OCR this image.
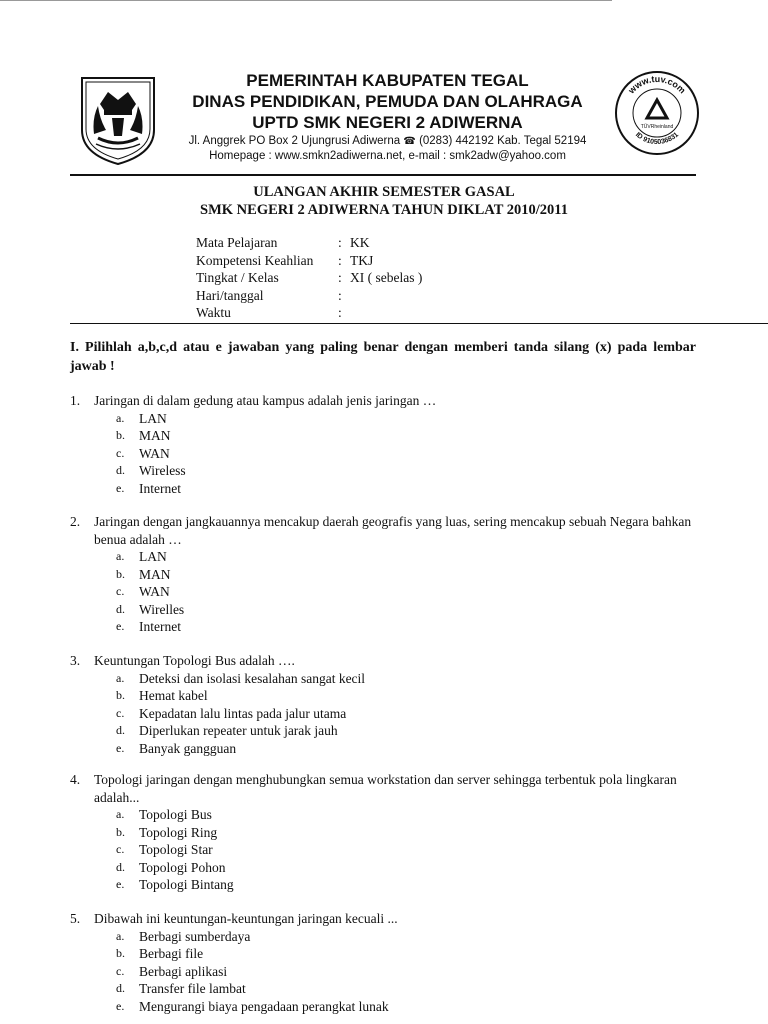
PEMERINTAH KABUPATEN TEGAL
DINAS PENDIDIKAN, PEMUDA DAN OLAHRAGA
UPTD SMK NEGERI 2 ADIWERNA
Jl. Anggrek PO Box 2 Ujungrusi Adiwerna ☎ (0283) 442192 Kab. Tegal 52194
Homepage : www.smkn2adiwerna.net, e-mail : smk2adw@yahoo.com
www.tuv.com
ID 9105036831
TÜVRheinland
ULANGAN AKHIR SEMESTER GASAL
SMK NEGERI 2 ADIWERNA TAHUN DIKLAT 2010/2011
Mata Pelajaran	: KK
Kompetensi Keahlian	: TKJ
Tingkat / Kelas	: XI ( sebelas )
Hari/tanggal	:
Waktu	:
I. Pilihlah a,b,c,d atau e jawaban yang paling benar dengan memberi tanda silang (x) pada lembar jawab !
1.	Jaringan di dalam gedung atau kampus adalah jenis jaringan …
a.	LAN
b.	MAN
c.	WAN
d.	Wireless
e.	Internet
2.	Jaringan dengan jangkauannya mencakup daerah geografis yang luas, sering mencakup sebuah Negara bahkan benua adalah …
a.	LAN
b.	MAN
c.	WAN
d.	Wirelles
e.	Internet
3.	Keuntungan Topologi Bus adalah ….
a.	Deteksi dan isolasi kesalahan sangat kecil
b.	Hemat kabel
c.	Kepadatan lalu lintas pada jalur utama
d.	Diperlukan repeater untuk jarak jauh
e.	Banyak gangguan
4.	Topologi jaringan dengan menghubungkan semua workstation dan server sehingga terbentuk pola lingkaran adalah...
a.	Topologi Bus
b.	Topologi Ring
c.	Topologi Star
d.	Topologi Pohon
e.	Topologi Bintang
5.	Dibawah ini keuntungan-keuntungan jaringan kecuali ...
a.	Berbagi sumberdaya
b.	Berbagi file
c.	Berbagi aplikasi
d.	Transfer file lambat
e.	Mengurangi biaya pengadaan perangkat lunak
